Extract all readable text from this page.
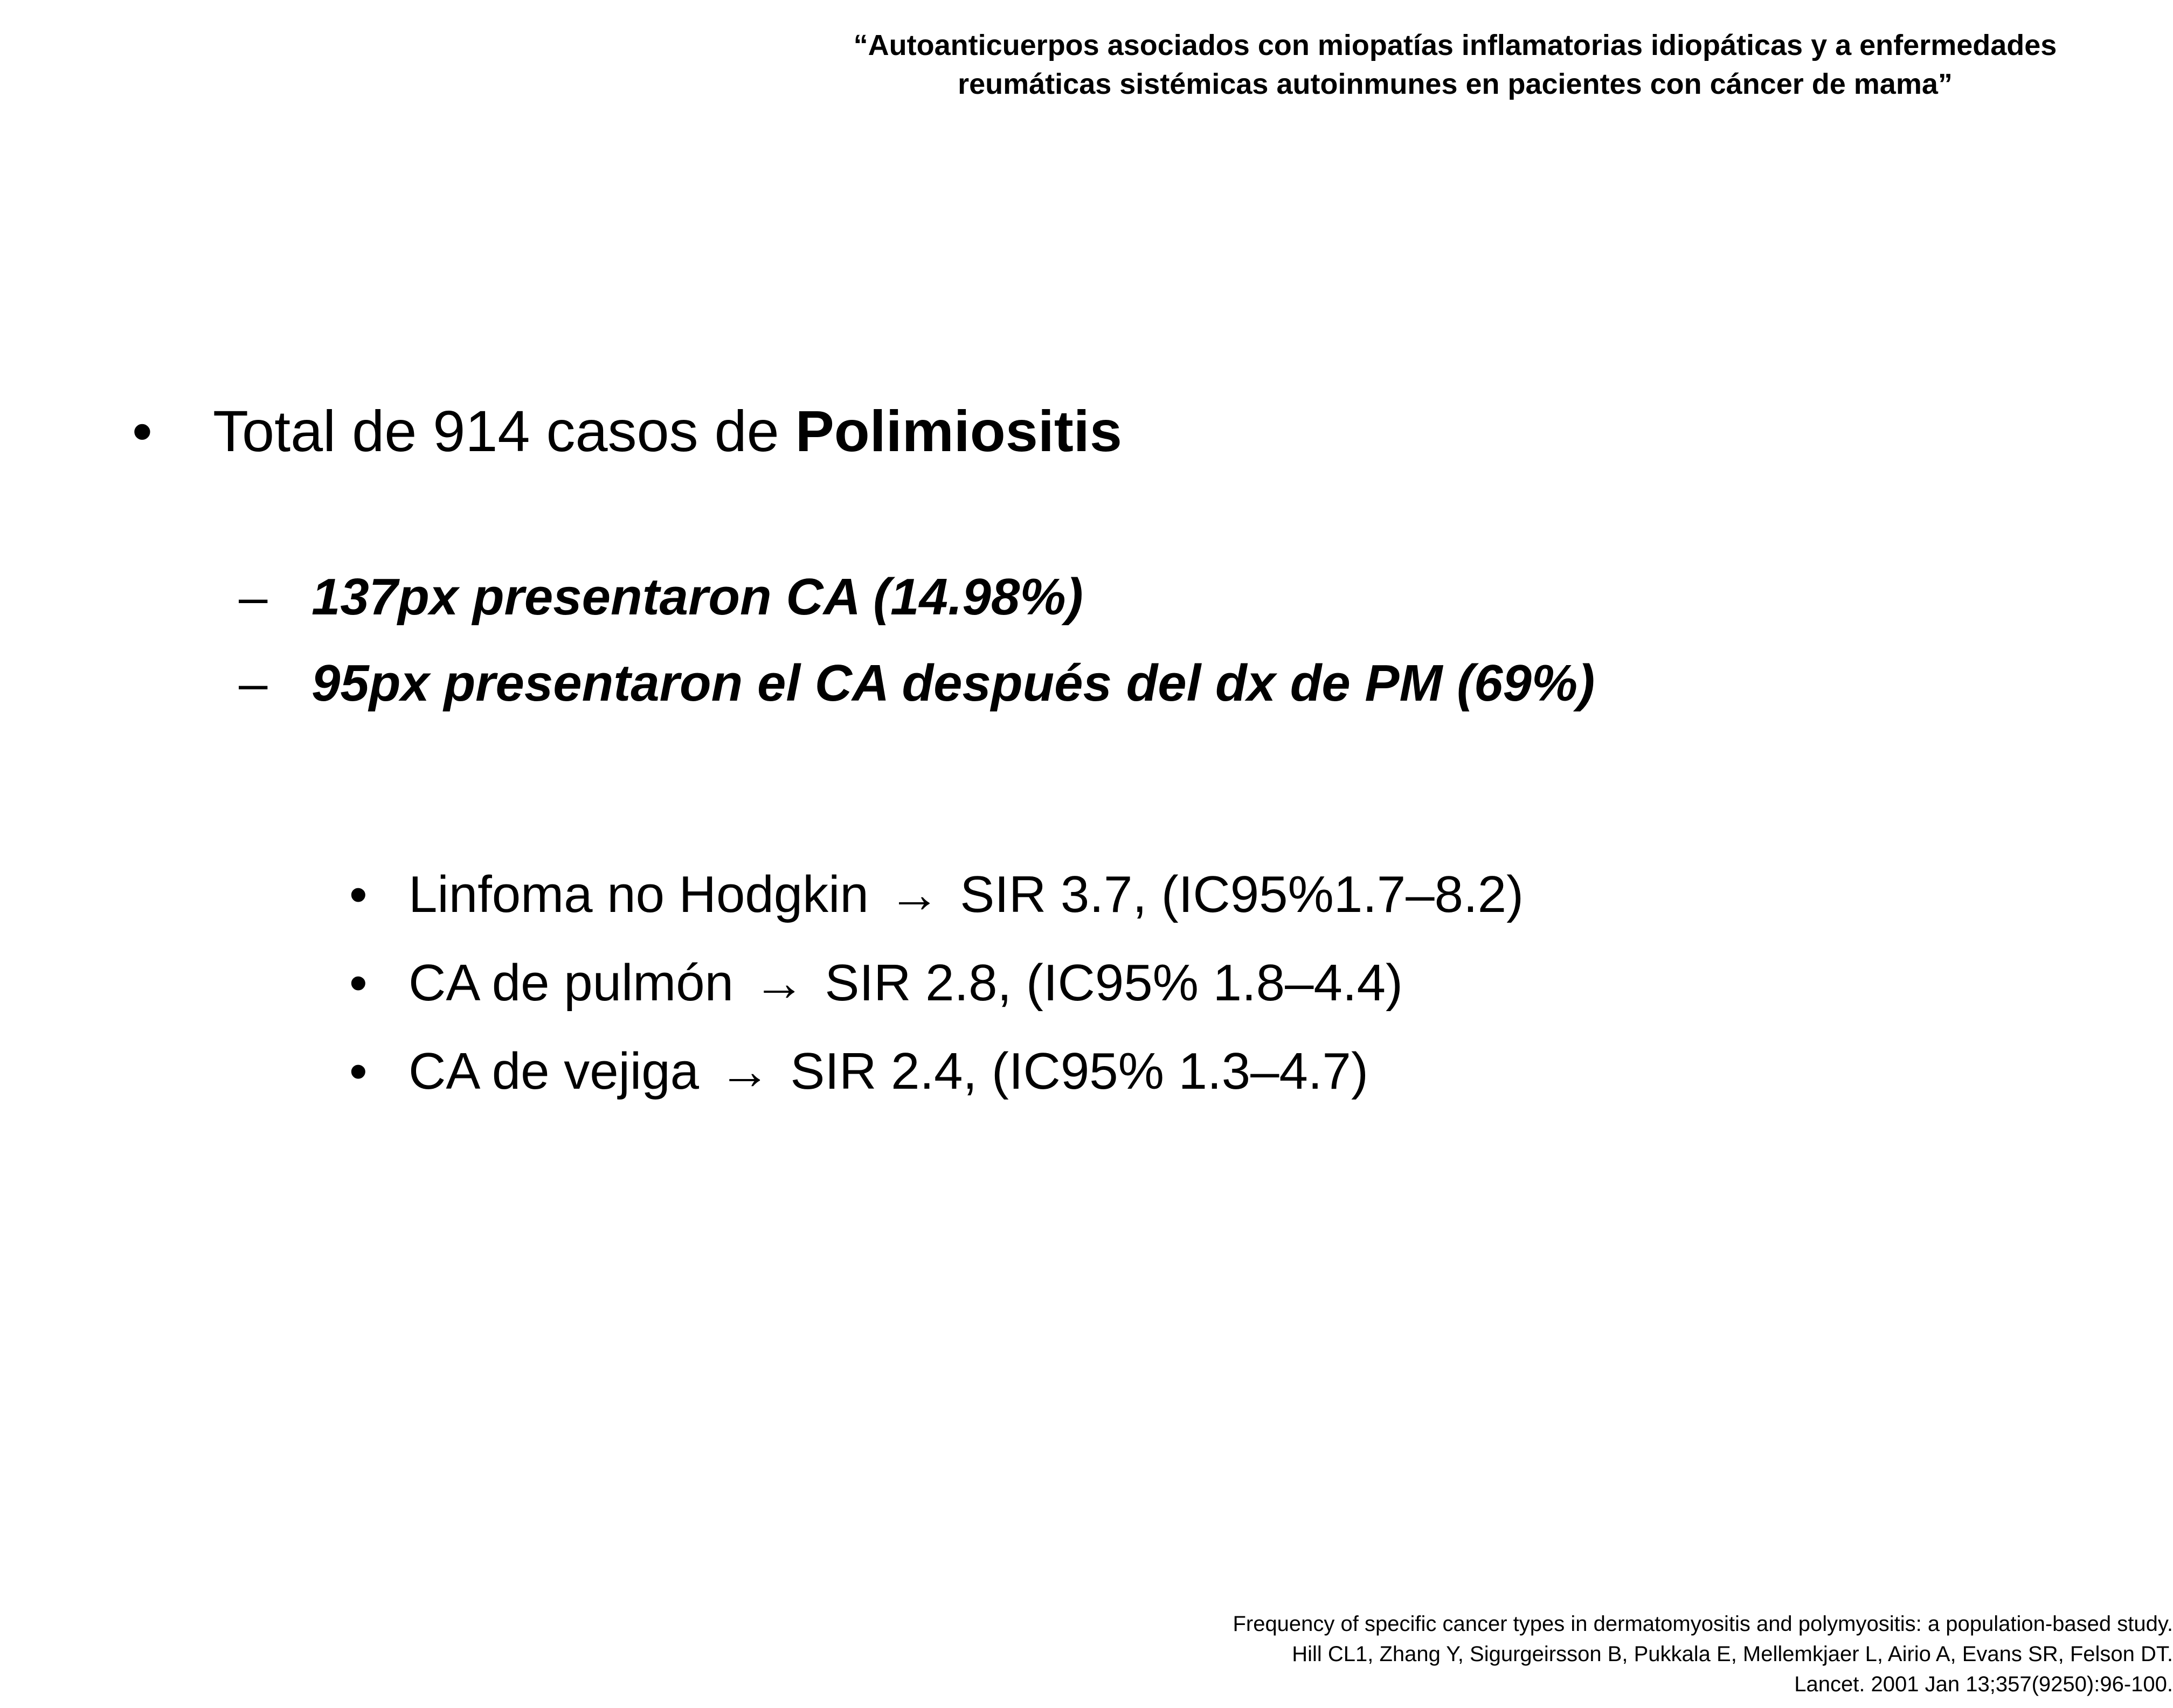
“Autoanticuerpos asociados con miopatías inflamatorias idiopáticas y a enfermedades
reumáticas sistémicas autoinmunes en pacientes con cáncer de mama”
• Total de 914 casos de Polimiositis
– 137px presentaron CA (14.98%)
– 95px presentaron el CA después del dx de PM (69%)
• Linfoma no Hodgkin → SIR 3.7, (IC95%1.7–8.2)
• CA de pulmón → SIR 2.8, (IC95% 1.8–4.4)
• CA de vejiga → SIR 2.4, (IC95% 1.3–4.7)
Frequency of specific cancer types in dermatomyositis and polymyositis: a population-based study.
Hill CL1, Zhang Y, Sigurgeirsson B, Pukkala E, Mellemkjaer L, Airio A, Evans SR, Felson DT.
Lancet. 2001 Jan 13;357(9250):96-100.
